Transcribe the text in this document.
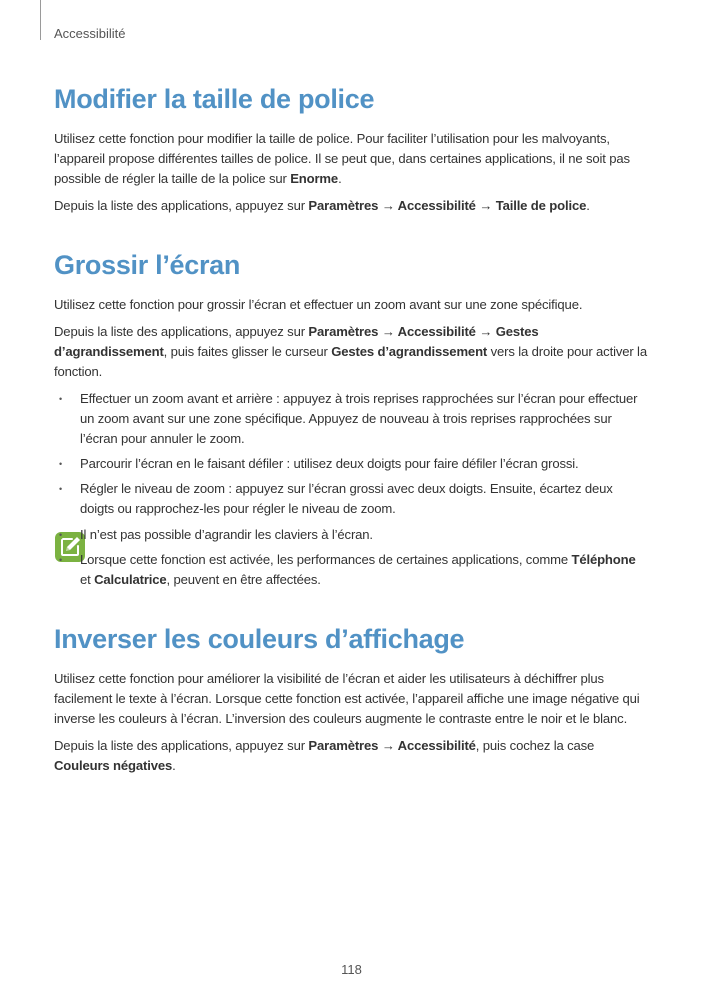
Accessibilité
Modifier la taille de police

Utilisez cette fonction pour modifier la taille de police. Pour faciliter l’utilisation pour les malvoyants, l’appareil propose différentes tailles de police. Il se peut que, dans certaines applications, il ne soit pas possible de régler la taille de la police sur Enorme.

Depuis la liste des applications, appuyez sur Paramètres → Accessibilité → Taille de police.

Grossir l’écran

Utilisez cette fonction pour grossir l’écran et effectuer un zoom avant sur une zone spécifique.

Depuis la liste des applications, appuyez sur Paramètres → Accessibilité → Gestes d’agrandissement, puis faites glisser le curseur Gestes d’agrandissement vers la droite pour activer la fonction.

• Effectuer un zoom avant et arrière : appuyez à trois reprises rapprochées sur l’écran pour effectuer un zoom avant sur une zone spécifique. Appuyez de nouveau à trois reprises rapprochées sur l’écran pour annuler le zoom.
• Parcourir l’écran en le faisant défiler : utilisez deux doigts pour faire défiler l’écran grossi.
• Régler le niveau de zoom : appuyez sur l’écran grossi avec deux doigts. Ensuite, écartez deux doigts ou rapprochez-les pour régler le niveau de zoom.
• Il n’est pas possible d’agrandir les claviers à l’écran.
• Lorsque cette fonction est activée, les performances de certaines applications, comme Téléphone et Calculatrice, peuvent en être affectées.
Inverser les couleurs d’affichage

Utilisez cette fonction pour améliorer la visibilité de l’écran et aider les utilisateurs à déchiffrer plus facilement le texte à l’écran. Lorsque cette fonction est activée, l’appareil affiche une image négative qui inverse les couleurs à l’écran. L’inversion des couleurs augmente le contraste entre le noir et le blanc.

Depuis la liste des applications, appuyez sur Paramètres → Accessibilité, puis cochez la case Couleurs négatives.

118
